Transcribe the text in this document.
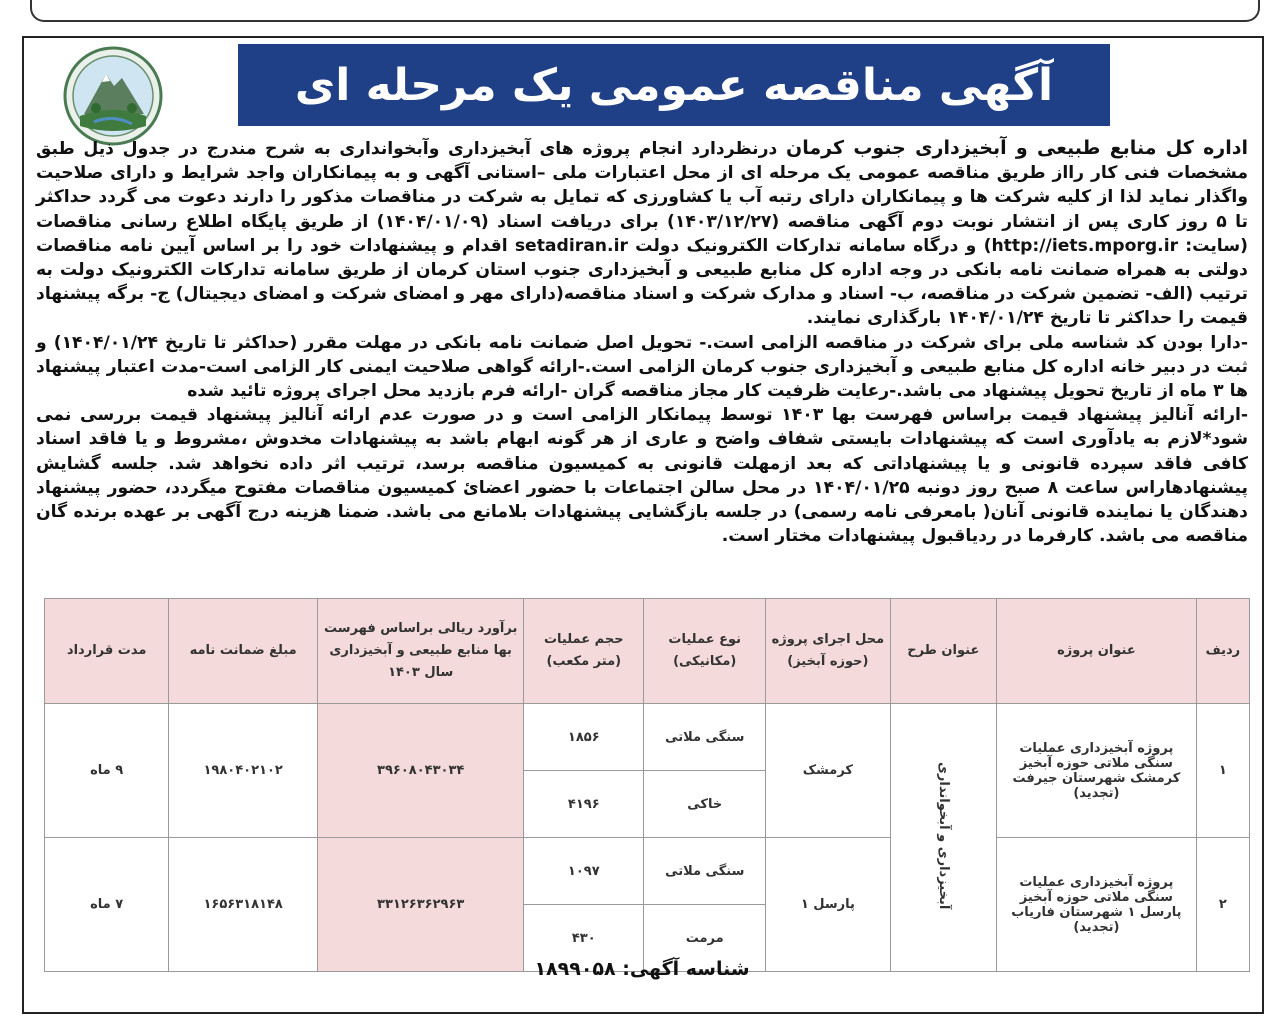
آگهی مناقصه عمومی یک مرحله ای

اداره کل منابع طبیعی و آبخیزداری جنوب کرمان درنظردارد انجام پروژه های آبخیزداری وآبخوانداری به شرح مندرج در جدول ذیل طبق مشخصات فنی کار رااز طریق مناقصه عمومی یک مرحله ای از محل اعتبارات ملی –استانی آگهی و به پیمانکاران واجد شرایط و دارای صلاحیت واگذار نماید لذا از کلیه شرکت ها و پیمانکاران دارای رتبه آب یا کشاورزی که تمایل به شرکت در مناقصات مذکور را دارند دعوت می گردد حداکثر تا ۵ روز کاری پس از انتشار نوبت دوم آگهی مناقصه (۱۴۰۳/۱۲/۲۷) برای دریافت اسناد (۱۴۰۴/۰۱/۰۹) از طریق پایگاه اطلاع رسانی مناقصات (سایت: http://iets.mporg.ir) و درگاه سامانه تدارکات الکترونیک دولت setadiran.ir اقدام و پیشنهادات خود را بر اساس آیین نامه مناقصات دولتی به همراه ضمانت نامه بانکی در وجه اداره کل منابع طبیعی و آبخیزداری جنوب استان کرمان از طریق سامانه تدارکات الکترونیک دولت به ترتیب (الف- تضمین شرکت در مناقصه، ب- اسناد و مدارک شرکت و اسناد مناقصه(دارای مهر و امضای شرکت و امضای دیجیتال) ج- برگه پیشنهاد قیمت را حداکثر تا تاریخ ۱۴۰۴/۰۱/۲۴ بارگذاری نمایند.

-دارا بودن کد شناسه ملی برای شرکت در مناقصه الزامی است.- تحویل اصل ضمانت نامه بانکی در مهلت مقرر (حداکثر تا تاریخ ۱۴۰۴/۰۱/۲۴) و ثبت در دبیر خانه اداره کل منابع طبیعی و آبخیزداری جنوب کرمان الزامی است.-ارائه گواهی صلاحیت ایمنی کار الزامی است-مدت اعتبار پیشنهاد ها ۳ ماه از تاریخ تحویل پیشنهاد می باشد.-رعایت ظرفیت کار مجاز مناقصه گران -ارائه فرم بازدید محل اجرای پروژه تائید شده

-ارائه آنالیز پیشنهاد قیمت براساس فهرست بها ۱۴۰۳ توسط پیمانکار الزامی است و در صورت عدم ارائه آنالیز پیشنهاد قیمت بررسی نمی شود*لازم به یادآوری است که پیشنهادات بایستی شفاف واضح و عاری از هر گونه ابهام باشد به پیشنهادات مخدوش ،مشروط و یا فاقد اسناد کافی فاقد سپرده قانونی و یا پیشنهاداتی که بعد ازمهلت قانونی به کمیسیون مناقصه برسد، ترتیب اثر داده نخواهد شد. جلسه گشایش پیشنهادهاراس ساعت ۸ صبح روز دونبه ۱۴۰۴/۰۱/۲۵ در محل سالن اجتماعات با حضور اعضائ کمیسیون مناقصات مفتوح میگردد، حضور پیشنهاد دهندگان یا نماینده قانونی آنان( بامعرفی نامه رسمی) در جلسه بازگشایی پیشنهادات بلامانع می باشد. ضمنا هزینه درج آگهی بر عهده برنده گان مناقصه می باشد. کارفرما در ردیاقبول پیشنهادات مختار است.

ردیف	عنوان پروژه	عنوان طرح	محل اجرای پروژه (حوزه آبخیز)	نوع عملیات (مکانیکی)	حجم عملیات (متر مکعب)	برآورد ریالی براساس فهرست بها منابع طبیعی و آبخیزداری سال ۱۴۰۳	مبلغ ضمانت نامه	مدت قرارداد
۱	پروژه آبخیزداری عملیات سنگی ملاتی حوزه آبخیز کرمشک شهرستان جیرفت (تجدید)	آبخیزداری و آبخوانداری	کرمشک	سنگی ملاتی	۱۸۵۶	۳۹۶۰۸۰۴۳۰۳۴	۱۹۸۰۴۰۲۱۰۲	۹ ماه
				خاکی	۴۱۹۶			
۲	پروژه آبخیزداری عملیات سنگی ملاتی حوزه آبخیز پارسل ۱ شهرستان فاریاب (تجدید)		پارسل ۱	سنگی ملاتی	۱۰۹۷	۳۳۱۲۶۳۶۲۹۶۳	۱۶۵۶۳۱۸۱۴۸	۷ ماه
				مرمت	۴۳۰			
شناسه آگهی: ۱۸۹۹۰۵۸
